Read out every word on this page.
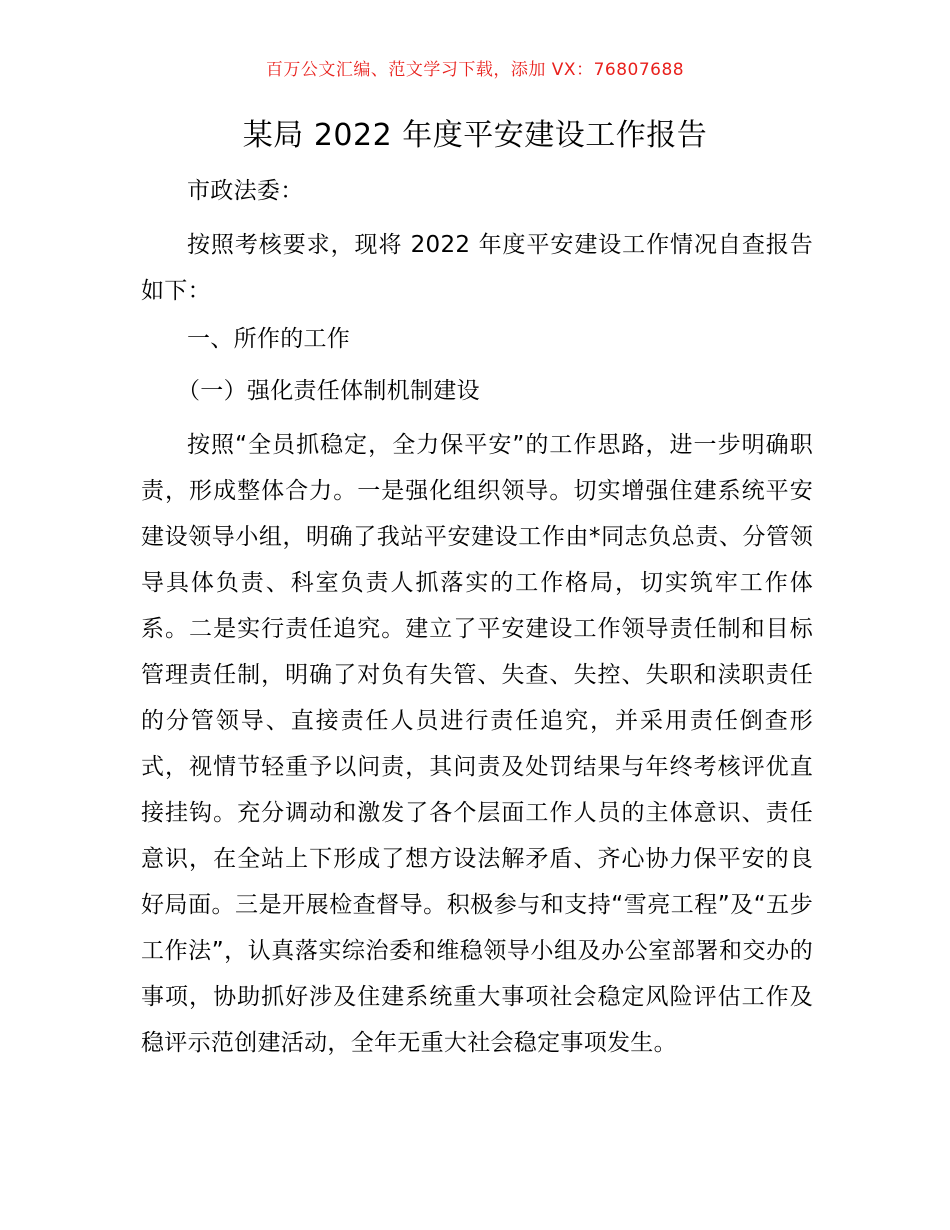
百万公文汇编、范文学习下载，添加 VX：76807688
某局 2022 年度平安建设工作报告
市政法委：
按照考核要求，现将 2022 年度平安建设工作情况自查报告如下：
一、所作的工作
（一）强化责任体制机制建设
按照“全员抓稳定，全力保平安”的工作思路，进一步明确职责，形成整体合力。一是强化组织领导。切实增强住建系统平安建设领导小组，明确了我站平安建设工作由*同志负总责、分管领导具体负责、科室负责人抓落实的工作格局，切实筑牢工作体系。二是实行责任追究。建立了平安建设工作领导责任制和目标管理责任制，明确了对负有失管、失查、失控、失职和渎职责任的分管领导、直接责任人员进行责任追究，并采用责任倒查形式，视情节轻重予以问责，其问责及处罚结果与年终考核评优直接挂钩。充分调动和激发了各个层面工作人员的主体意识、责任意识，在全站上下形成了想方设法解矛盾、齐心协力保平安的良好局面。三是开展检查督导。积极参与和支持“雪亮工程”及“五步工作法”，认真落实综治委和维稳领导小组及办公室部署和交办的事项，协助抓好涉及住建系统重大事项社会稳定风险评估工作及稳评示范创建活动，全年无重大社会稳定事项发生。
